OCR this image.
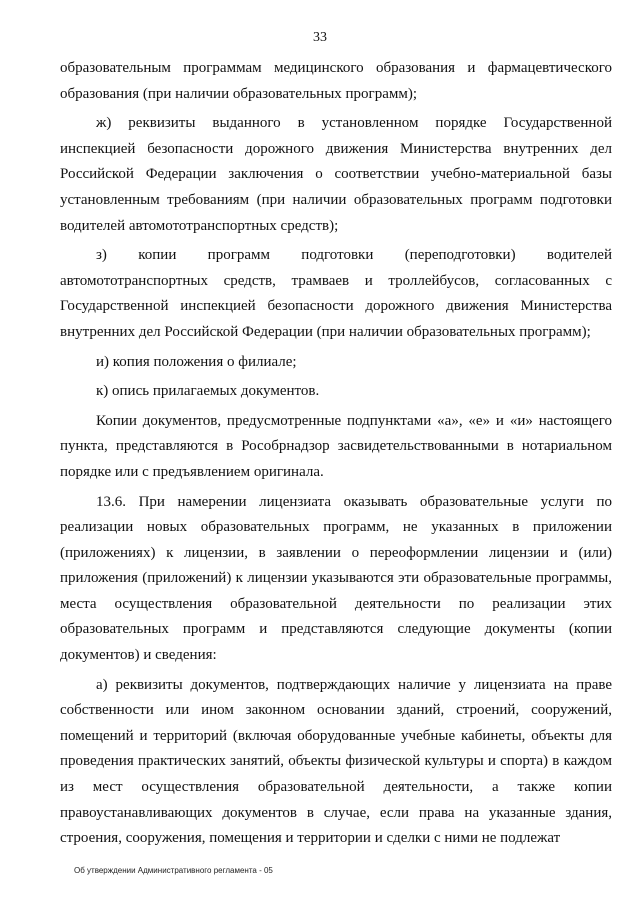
33

образовательным программам медицинского образования и фармацевтического образования (при наличии образовательных программ);

ж) реквизиты выданного в установленном порядке Государственной инспекцией безопасности дорожного движения Министерства внутренних дел Российской Федерации заключения о соответствии учебно-материальной базы установленным требованиям (при наличии образовательных программ подготовки водителей автомототранспортных средств);

з) копии программ подготовки (переподготовки) водителей автомототранспортных средств, трамваев и троллейбусов, согласованных с Государственной инспекцией безопасности дорожного движения Министерства внутренних дел Российской Федерации (при наличии образовательных программ);

и) копия положения о филиале;

к) опись прилагаемых документов.

Копии документов, предусмотренные подпунктами «а», «е» и «и» настоящего пункта, представляются в Рособрнадзор засвидетельствованными в нотариальном порядке или с предъявлением оригинала.

13.6. При намерении лицензиата оказывать образовательные услуги по реализации новых образовательных программ, не указанных в приложении (приложениях) к лицензии, в заявлении о переоформлении лицензии и (или) приложения (приложений) к лицензии указываются эти образовательные программы, места осуществления образовательной деятельности по реализации этих образовательных программ и представляются следующие документы (копии документов) и сведения:

а) реквизиты документов, подтверждающих наличие у лицензиата на праве собственности или ином законном основании зданий, строений, сооружений, помещений и территорий (включая оборудованные учебные кабинеты, объекты для проведения практических занятий, объекты физической культуры и спорта) в каждом из мест осуществления образовательной деятельности, а также копии правоустанавливающих документов в случае, если права на указанные здания, строения, сооружения, помещения и территории и сделки с ними не подлежат

Об утверждении Административного регламента - 05
